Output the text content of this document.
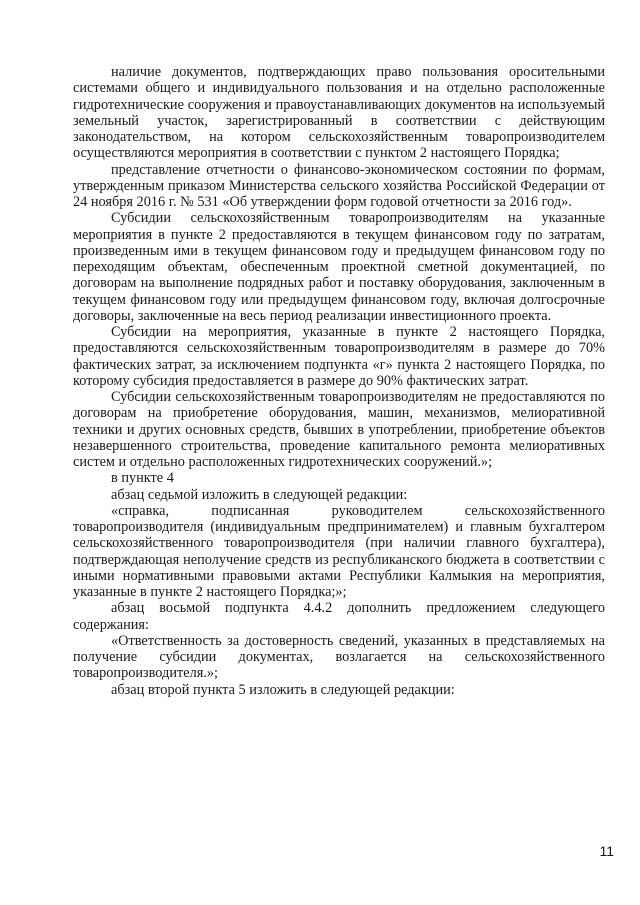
наличие документов, подтверждающих право пользования оросительными системами общего и индивидуального пользования и на отдельно расположенные гидротехнические сооружения и правоустанавливающих документов на используемый земельный участок, зарегистрированный в соответствии с действующим законодательством, на котором сельскохозяйственным товаропроизводителем осуществляются мероприятия в соответствии с пунктом 2 настоящего Порядка;

представление отчетности о финансово-экономическом состоянии по формам, утвержденным приказом Министерства сельского хозяйства Российской Федерации от 24 ноября 2016 г. № 531 «Об утверждении форм годовой отчетности за 2016 год».

Субсидии сельскохозяйственным товаропроизводителям на указанные мероприятия в пункте 2 предоставляются в текущем финансовом году по затратам, произведенным ими в текущем финансовом году и предыдущем финансовом году по переходящим объектам, обеспеченным проектной сметной документацией, по договорам на выполнение подрядных работ и поставку оборудования, заключенным в текущем финансовом году или предыдущем финансовом году, включая долгосрочные договоры, заключенные на весь период реализации инвестиционного проекта.

Субсидии на мероприятия, указанные в пункте 2 настоящего Порядка, предоставляются сельскохозяйственным товаропроизводителям в размере до 70% фактических затрат, за исключением подпункта «г» пункта 2 настоящего Порядка, по которому субсидия предоставляется в размере до 90% фактических затрат.

Субсидии сельскохозяйственным товаропроизводителям не предоставляются по договорам на приобретение оборудования, машин, механизмов, мелиоративной техники и других основных средств, бывших в употреблении, приобретение объектов незавершенного строительства, проведение капитального ремонта мелиоративных систем и отдельно расположенных гидротехнических сооружений.»;

в пункте 4

абзац седьмой изложить в следующей редакции:

«справка, подписанная руководителем сельскохозяйственного товаропроизводителя (индивидуальным предпринимателем) и главным бухгалтером сельскохозяйственного товаропроизводителя (при наличии главного бухгалтера), подтверждающая неполучение средств из республиканского бюджета в соответствии с иными нормативными правовыми актами Республики Калмыкия на мероприятия, указанные в пункте 2 настоящего Порядка;»;

абзац восьмой подпункта 4.4.2 дополнить предложением следующего содержания:

«Ответственность за достоверность сведений, указанных в представляемых на получение субсидии документах, возлагается на сельскохозяйственного товаропроизводителя.»;

абзац второй пункта 5 изложить в следующей редакции:

11
